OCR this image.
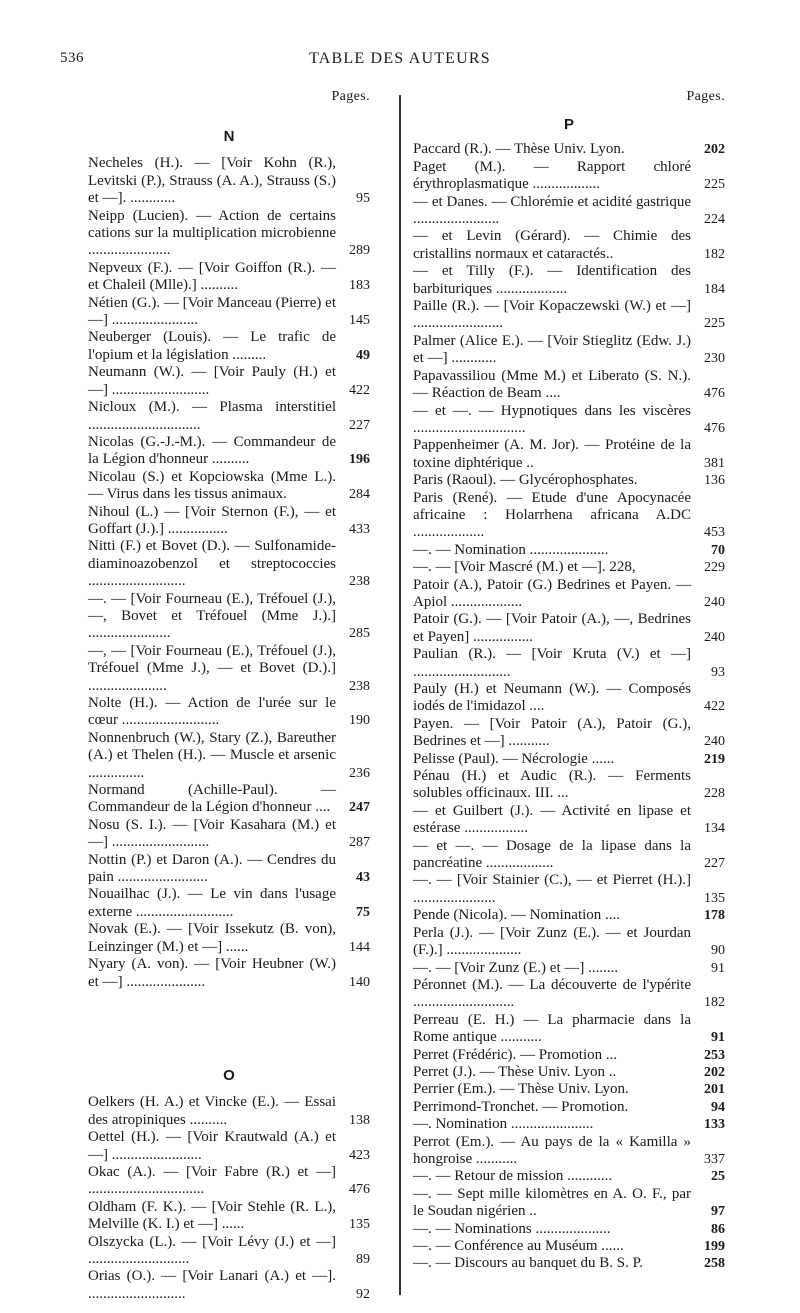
536	TABLE DES AUTEURS
Pages.
N
Necheles (H.). — [Voir Kohn (R.), Levitski (P.), Strauss (A. A.), Strauss (S.) et —]. ............	95
Neipp (Lucien). — Action de certains cations sur la multiplication microbienne ......................	289
Nepveux (F.). — [Voir Goiffon (R.). — et Chaleil (Mlle).] ..........	183
Nétien (G.). — [Voir Manceau (Pierre) et —] .......................	145
Neuberger (Louis). — Le trafic de l'opium et la législation .........	49
Neumann (W.). — [Voir Pauly (H.) et —] ..........................	422
Nicloux (M.). — Plasma interstitiel ..............................	227
Nicolas (G.-J.-M.). — Commandeur de la Légion d'honneur ..........	196
Nicolau (S.) et Kopciowska (Mme L.). — Virus dans les tissus animaux.	284
Nihoul (L.) — [Voir Sternon (F.), — et Goffart (J.).] ................	433
Nitti (F.) et Bovet (D.). — Sulfonamide-diaminoazobenzol et streptococcies ..........................	238
—. — [Voir Fourneau (E.), Tréfouel (J.), —, Bovet et Tréfouel (Mme J.).] ......................	285
—, — [Voir Fourneau (E.), Tréfouel (J.), Tréfouel (Mme J.), — et Bovet (D.).] .....................	238
Nolte (H.). — Action de l'urée sur le cœur ..........................	190
Nonnenbruch (W.), Stary (Z.), Bareuther (A.) et Thelen (H.). — Muscle et arsenic ...............	236
Normand (Achille-Paul). — Commandeur de la Légion d'honneur .... 247
Nosu (S. I.). — [Voir Kasahara (M.) et —] ..........................	287
Nottin (P.) et Daron (A.). — Cendres du pain ........................	43
Nouailhac (J.). — Le vin dans l'usage externe ..........................	75
Novak (E.). — [Voir Issekutz (B. von), Leinzinger (M.) et —] ......	144
Nyary (A. von). — [Voir Heubner (W.) et —] .....................	140
O
Oelkers (H. A.) et Vincke (E.). — Essai des atropiniques ..........	138
Oettel (H.). — [Voir Krautwald (A.) et —] ........................	423
Okac (A.). — [Voir Fabre (R.) et —] ...............................	476
Oldham (F. K.). — [Voir Stehle (R. L.), Melville (K. I.) et —] ......	135
Olszycka (L.). — [Voir Lévy (J.) et —] ...........................	89
Orias (O.). — [Voir Lanari (A.) et —]. ..........................	92
Pages.
P
Paccard (R.). — Thèse Univ. Lyon.	202
Paget (M.). — Rapport chloré érythroplasmatique ..................	225
— et Danes. — Chlorémie et acidité gastrique .......................	224
— et Levin (Gérard). — Chimie des cristallins normaux et cataractés..	182
— et Tilly (F.). — Identification des barbituriques ...................	184
Paille (R.). — [Voir Kopaczewski (W.) et —] ........................	225
Palmer (Alice E.). — [Voir Stieglitz (Edw. J.) et —] ............	230
Papavassiliou (Mme M.) et Liberato (S. N.). — Réaction de Beam ....	476
— et —. — Hypnotiques dans les viscères ..............................	476
Pappenheimer (A. M. Jor). — Protéine de la toxine diphtérique ..	381
Paris (Raoul). — Glycérophosphates.	136
Paris (René). — Etude d'une Apocynacée africaine : Holarrhena africana A.DC ...................	453
—. — Nomination .....................	70
—. — [Voir Mascré (M.) et —]. 228,	229
Patoir (A.), Patoir (G.) Bedrines et Payen. — Apiol ...................	240
Patoir (G.). — [Voir Patoir (A.), —, Bedrines et Payen] ................	240
Paulian (R.). — [Voir Kruta (V.) et —] ..........................	93
Pauly (H.) et Neumann (W.). — Composés iodés de l'imidazol ....	422
Payen. — [Voir Patoir (A.), Patoir (G.), Bedrines et —] ...........	240
Pelisse (Paul). — Nécrologie ......	219
Pénau (H.) et Audic (R.). — Ferments solubles officinaux. III. ...	228
— et Guilbert (J.). — Activité en lipase et estérase .................	134
— et —. — Dosage de la lipase dans la pancréatine ..................	227
—. — [Voir Stainier (C.), — et Pierret (H.).] ......................	135
Pende (Nicola). — Nomination ....	178
Perla (J.). — [Voir Zunz (E.). — et Jourdan (F.).] ....................	90
—. — [Voir Zunz (E.) et —] ........	91
Péronnet (M.). — La découverte de l'ypérite ...........................	182
Perreau (E. H.) — La pharmacie dans la Rome antique ...........	91
Perret (Frédéric). — Promotion ...	253
Perret (J.). — Thèse Univ. Lyon ..	202
Perrier (Em.). — Thèse Univ. Lyon.	201
Perrimond-Tronchet. — Promotion.	94
—. Nomination ......................	133
Perrot (Em.). — Au pays de la « Kamilla » hongroise ...........	337
—. — Retour de mission ............	25
—. — Sept mille kilomètres en A. O. F., par le Soudan nigérien ..	97
—. — Nominations ....................	86
—. — Conférence au Muséum ......	199
—. — Discours au banquet du B. S. P.	258
